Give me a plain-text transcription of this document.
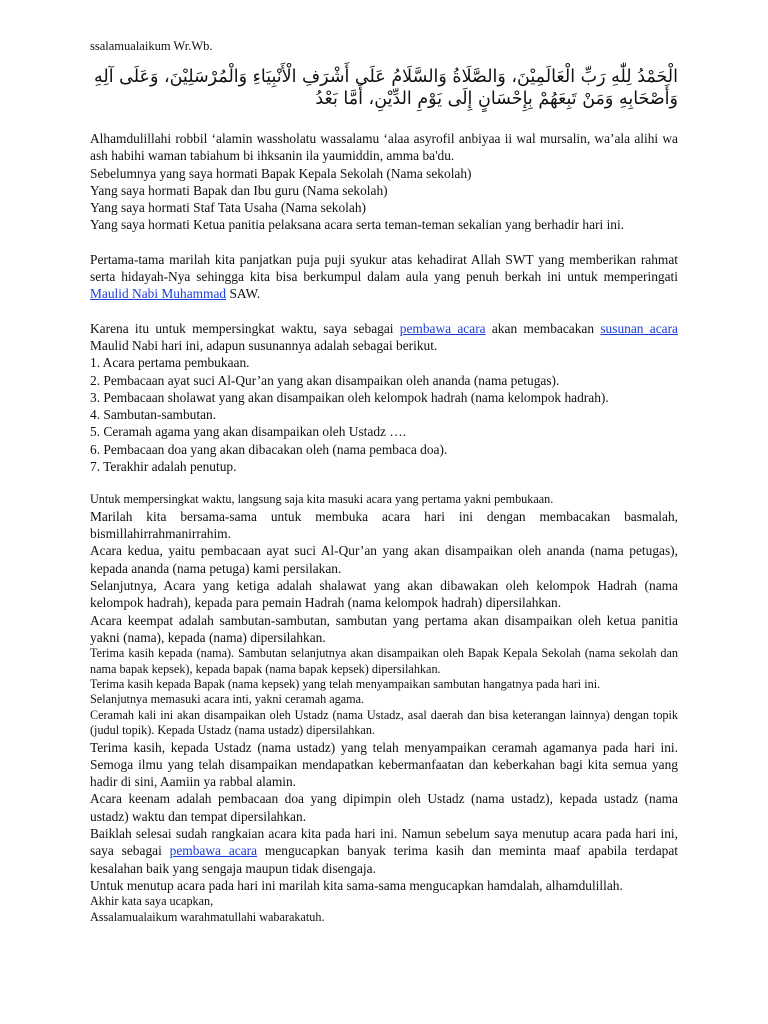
ssalamualaikum Wr.Wb.

الْحَمْدُ لِلّٰهِ رَبِّ الْعَالَمِيْنَ، وَالصَّلَاةُ وَالسَّلَامُ عَلَى أَشْرَفِ الْأَنْبِيَاءِ وَالْمُرْسَلِيْنَ، وَعَلَى آلِهِ وَأَصْحَابِهِ وَمَنْ تَبِعَهُمْ بِإِحْسَانٍ إِلَى يَوْمِ الدِّيْنِ، أَمَّا بَعْدُ

Alhamdulillahi robbil ‘alamin wassholatu wassalamu ‘alaa asyrofil anbiyaa ii wal mursalin, wa’ala alihi wa ash habihi waman tabiahum bi ihksanin ila yaumiddin, amma ba'du.

Sebelumnya yang saya hormati Bapak Kepala Sekolah (Nama sekolah)

Yang saya hormati Bapak dan Ibu guru (Nama sekolah)

Yang saya hormati Staf Tata Usaha (Nama sekolah)

Yang saya hormati Ketua panitia pelaksana acara serta teman-teman sekalian yang berhadir hari ini.

Pertama-tama marilah kita panjatkan puja puji syukur atas kehadirat Allah SWT yang memberikan rahmat serta hidayah-Nya sehingga kita bisa berkumpul dalam aula yang penuh berkah ini untuk memperingati Maulid Nabi Muhammad SAW.

Karena itu untuk mempersingkat waktu, saya sebagai pembawa acara akan membacakan susunan acara Maulid Nabi hari ini, adapun susunannya adalah sebagai berikut.

1. Acara pertama pembukaan.

2. Pembacaan ayat suci Al-Qur’an yang akan disampaikan oleh ananda (nama petugas).

3. Pembacaan sholawat yang akan disampaikan oleh kelompok hadrah (nama kelompok hadrah).

4. Sambutan-sambutan.

5. Ceramah agama yang akan disampaikan oleh Ustadz ….

6. Pembacaan doa yang akan dibacakan oleh (nama pembaca doa).

7. Terakhir adalah penutup.

Untuk mempersingkat waktu, langsung saja kita masuki acara yang pertama yakni pembukaan.

Marilah kita bersama-sama untuk membuka acara hari ini dengan membacakan basmalah, bismillahirrahmanirrahim.

Acara kedua, yaitu pembacaan ayat suci Al-Qur’an yang akan disampaikan oleh ananda (nama petugas), kepada ananda (nama petuga) kami persilakan.

Selanjutnya, Acara yang ketiga adalah shalawat yang akan dibawakan oleh kelompok Hadrah (nama kelompok hadrah), kepada para pemain Hadrah (nama kelompok hadrah) dipersilahkan.

Acara keempat adalah sambutan-sambutan, sambutan yang pertama akan disampaikan oleh ketua panitia yakni (nama), kepada (nama) dipersilahkan.

Terima kasih kepada (nama). Sambutan selanjutnya akan disampaikan oleh Bapak Kepala Sekolah (nama sekolah dan nama bapak kepsek), kepada bapak (nama bapak kepsek) dipersilahkan.

Terima kasih kepada Bapak (nama kepsek) yang telah menyampaikan sambutan hangatnya pada hari ini.

Selanjutnya memasuki acara inti, yakni ceramah agama.

Ceramah kali ini akan disampaikan oleh Ustadz (nama Ustadz, asal daerah dan bisa keterangan lainnya) dengan topik (judul topik). Kepada Ustadz (nama ustadz) dipersilahkan.

Terima kasih, kepada Ustadz (nama ustadz) yang telah menyampaikan ceramah agamanya pada hari ini. Semoga ilmu yang telah disampaikan mendapatkan kebermanfaatan dan keberkahan bagi kita semua yang hadir di sini, Aamiin ya rabbal alamin.

Acara keenam adalah pembacaan doa yang dipimpin oleh Ustadz (nama ustadz), kepada ustadz (nama ustadz) waktu dan tempat dipersilahkan.

Baiklah selesai sudah rangkaian acara kita pada hari ini. Namun sebelum saya menutup acara pada hari ini, saya sebagai pembawa acara mengucapkan banyak terima kasih dan meminta maaf apabila terdapat kesalahan baik yang sengaja maupun tidak disengaja.

Untuk menutup acara pada hari ini marilah kita sama-sama mengucapkan hamdalah, alhamdulillah.

Akhir kata saya ucapkan,

Assalamualaikum warahmatullahi wabarakatuh.
